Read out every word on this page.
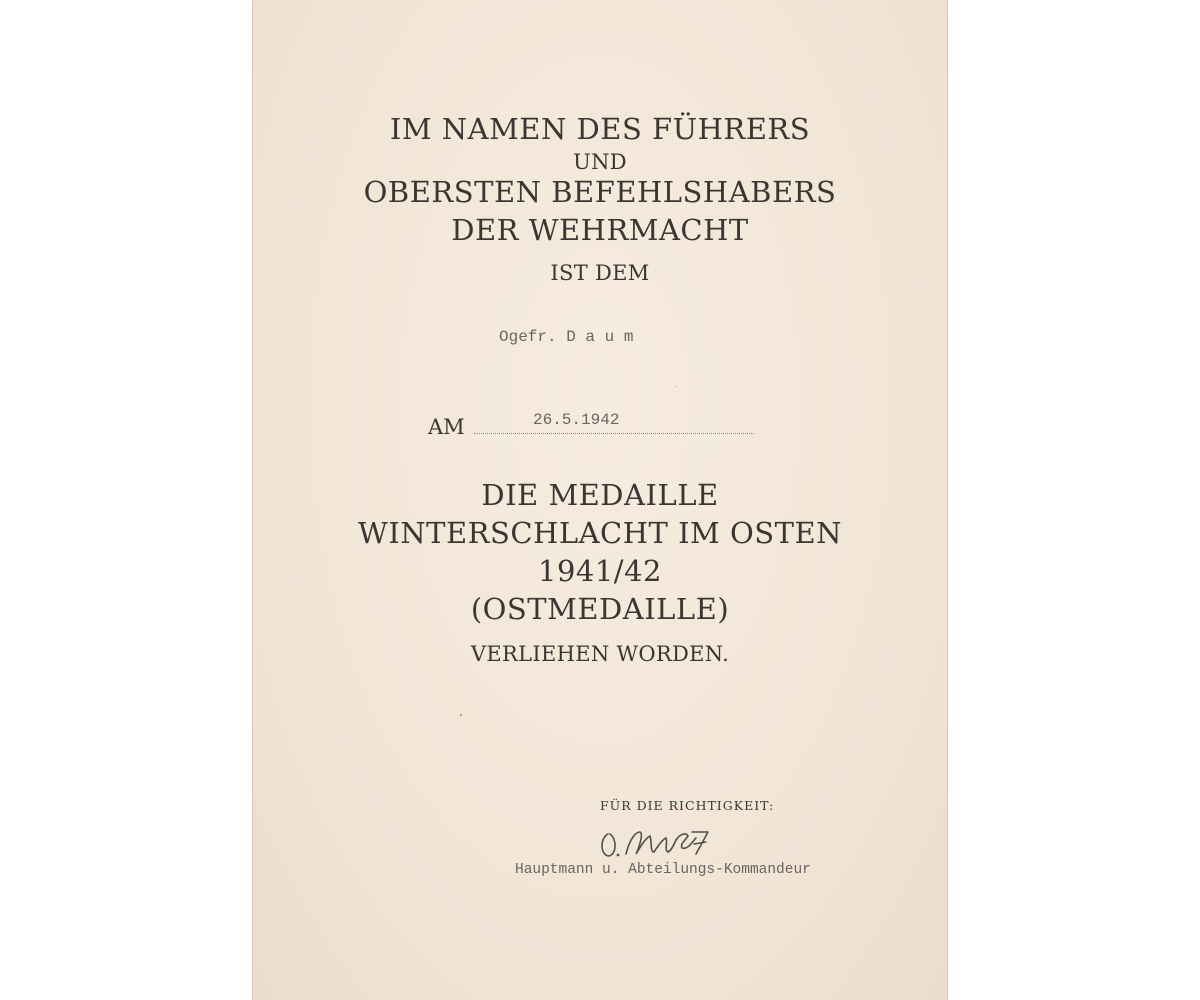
IM NAMEN DES FÜHRERS
UND
OBERSTEN BEFEHLSHABERS
DER WEHRMACHT
IST DEM
Ogefr. D a u m
AM	26.5.1942
DIE MEDAILLE
WINTERSCHLACHT IM OSTEN
1941/42
(OSTMEDAILLE)
VERLIEHEN WORDEN.
FÜR DIE RICHTIGKEIT:
Hauptmann u. Abteilungs-Kommandeur
